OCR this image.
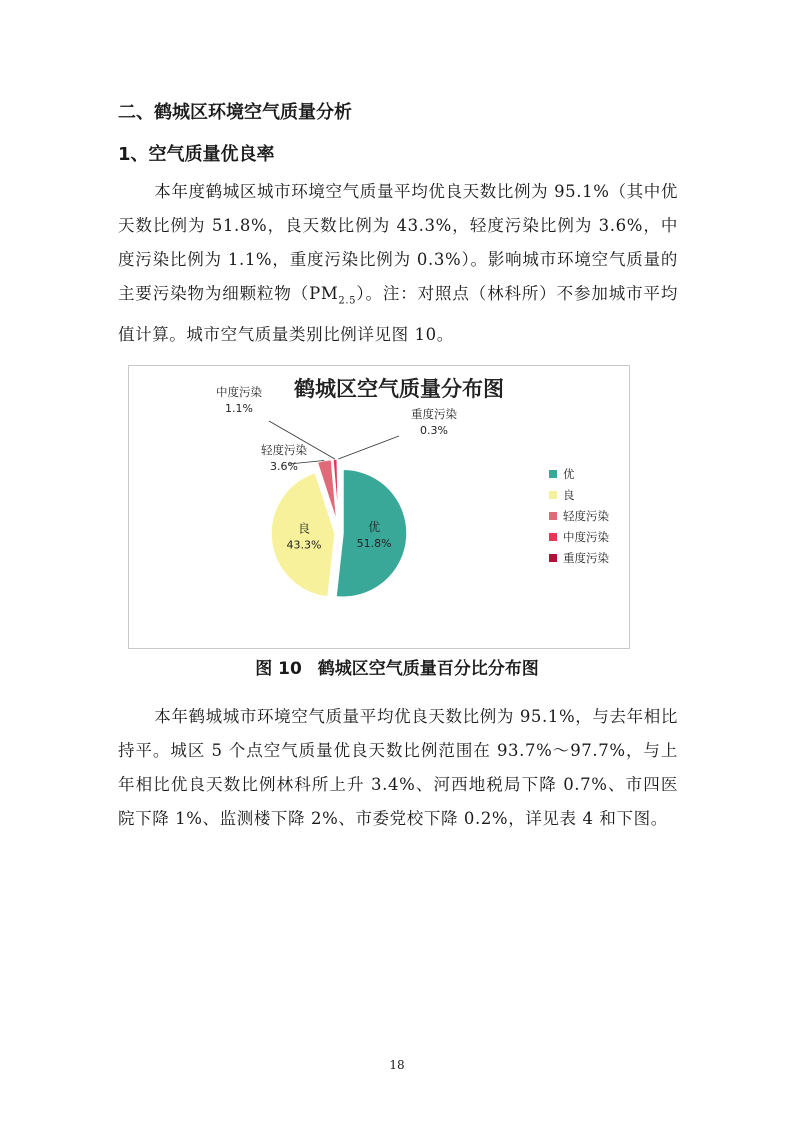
二、鹤城区环境空气质量分析
1、空气质量优良率

本年度鹤城区城市环境空气质量平均优良天数比例为 95.1%（其中优天数比例为 51.8%，良天数比例为 43.3%，轻度污染比例为 3.6%，中度污染比例为 1.1%，重度污染比例为 0.3%）。影响城市环境空气质量的主要污染物为细颗粒物$(PM_{2.5})$。注：对照点（林科所）不参加城市平均值计算。城市空气质量类别比例详见图 10。

鹤城区空气质量分布图
优
51.8%
良
43.3%
轻度污染
3.6%
中度污染
1.1%	重度污染
0.3%
优
良
轻度污染
中度污染
重度污染
图 10 鹤城区空气质量百分比分布图

本年鹤城城市环境空气质量平均优良天数比例为 95.1%，与去年相比持平。城区 5 个点空气质量优良天数比例范围在 93.7%～97.7%，与上年相比优良天数比例林科所上升 3.4%、河西地税局下降 0.7%、市四医院下降 1%、监测楼下降 2%、市委党校下降 0.2%，详见表 4 和下图。

18
